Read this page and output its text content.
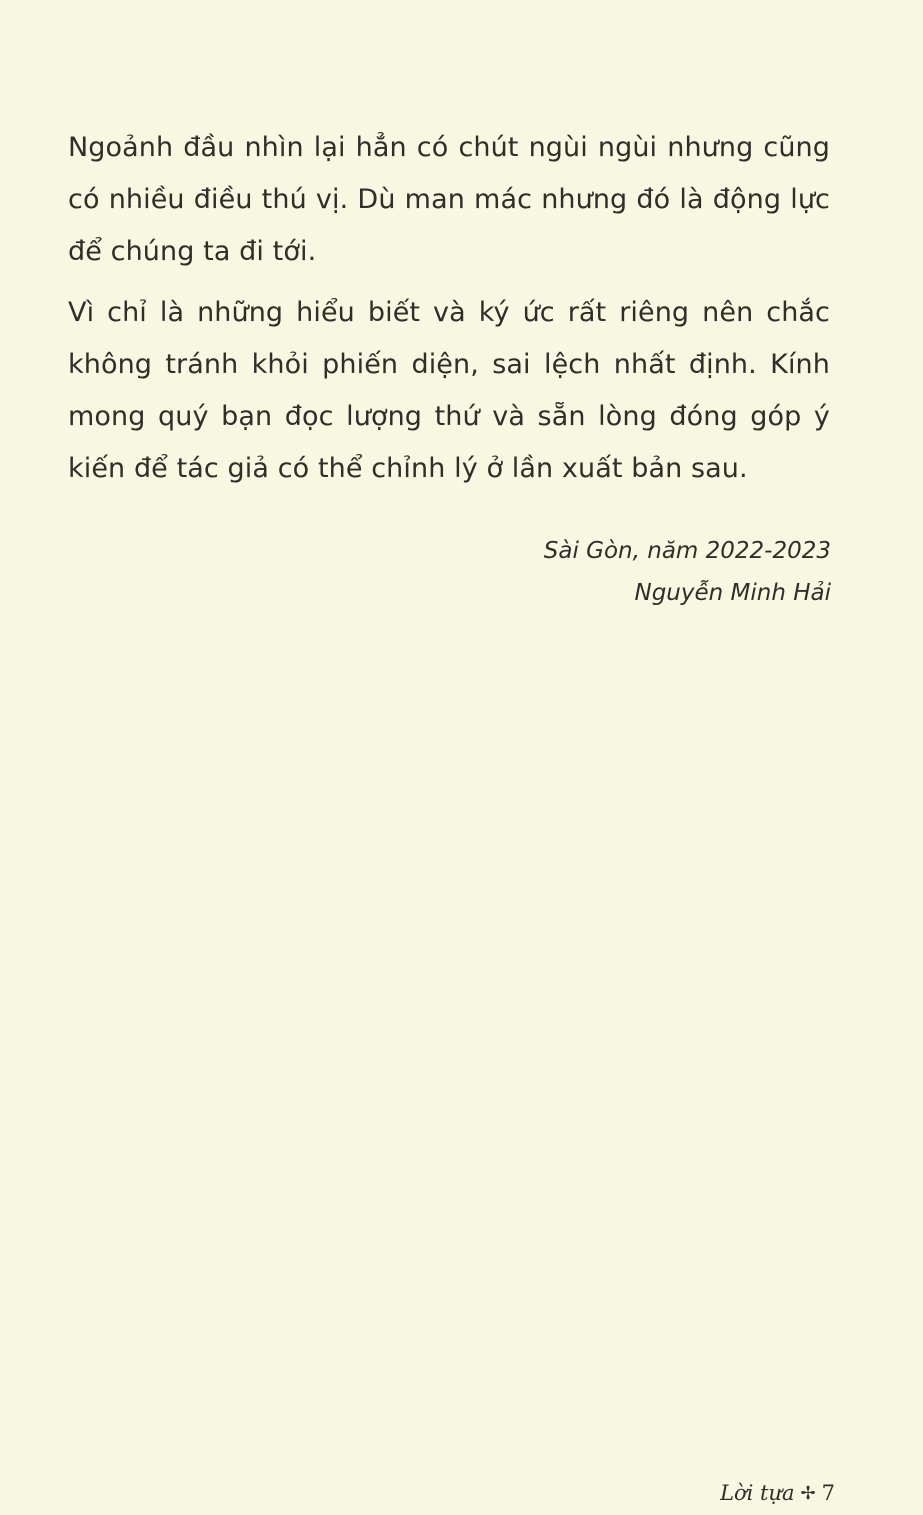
Ngoảnh đầu nhìn lại hẳn có chút ngùi ngùi nhưng cũng có nhiều điều thú vị. Dù man mác nhưng đó là động lực để chúng ta đi tới.

Vì chỉ là những hiểu biết và ký ức rất riêng nên chắc không tránh khỏi phiến diện, sai lệch nhất định. Kính mong quý bạn đọc lượng thứ và sẵn lòng đóng góp ý kiến để tác giả có thể chỉnh lý ở lần xuất bản sau.

Sài Gòn, năm 2022-2023
Nguyễn Minh Hải
Lời tựa ✢ 7
